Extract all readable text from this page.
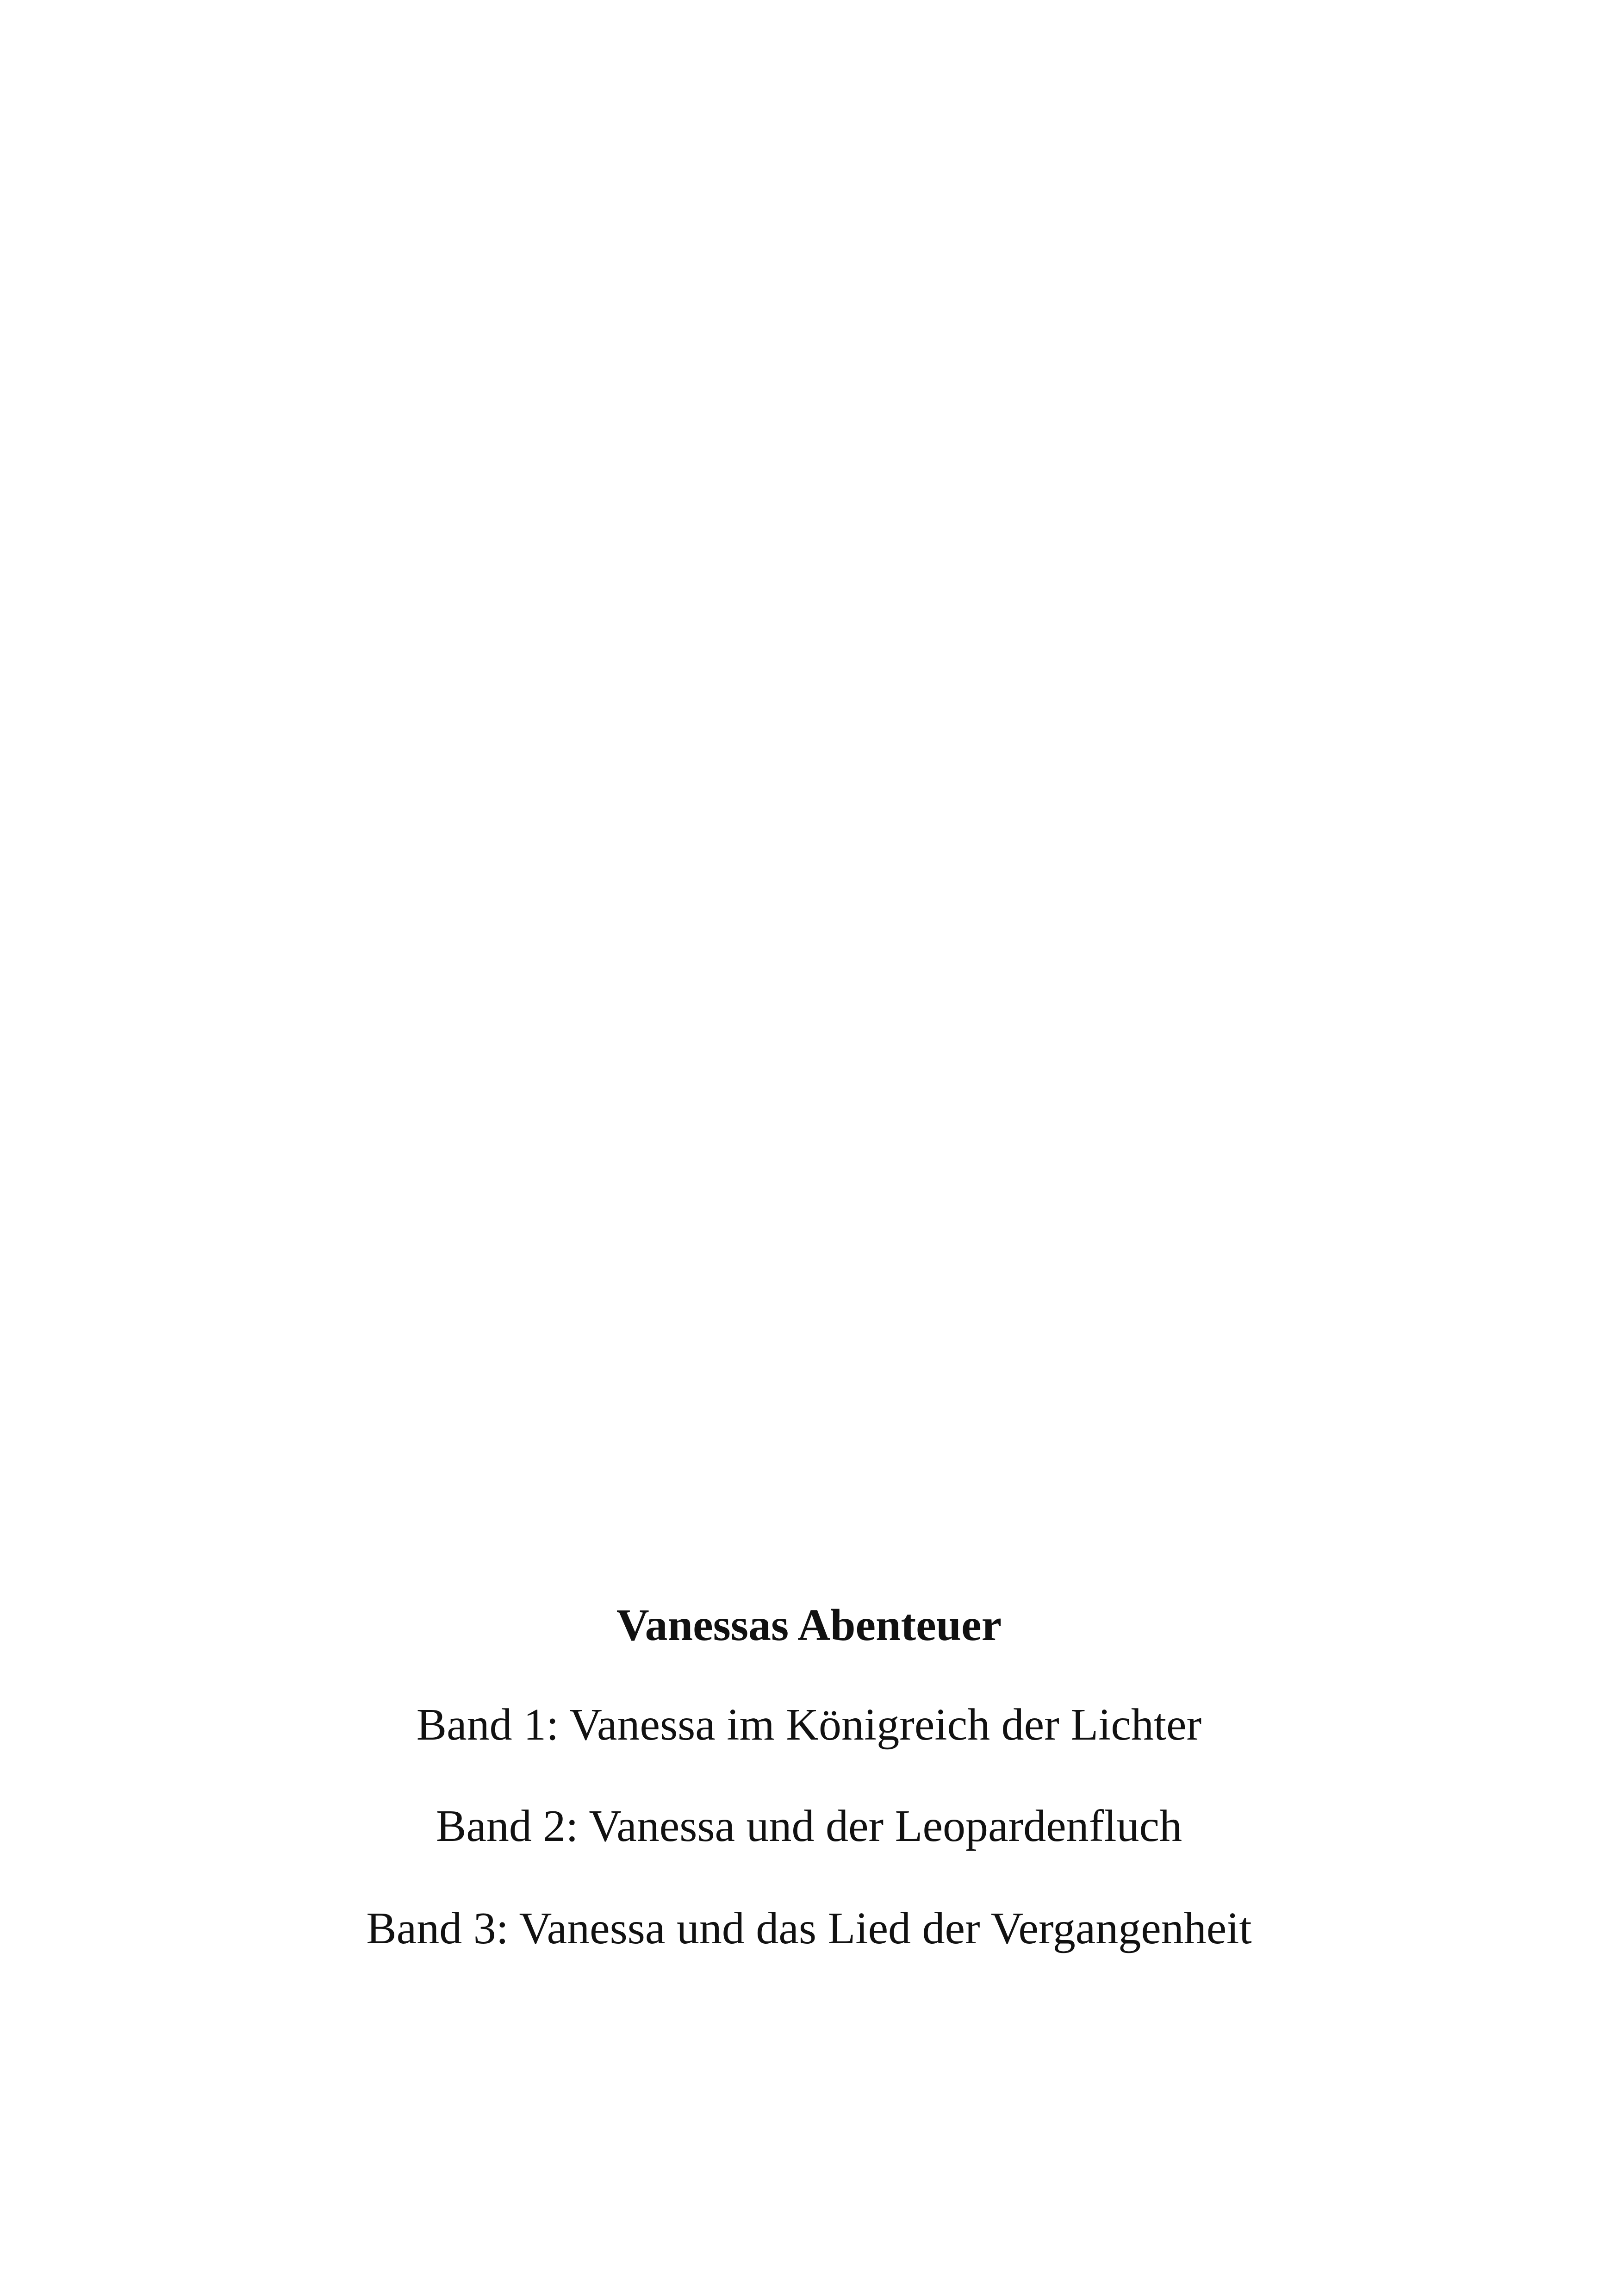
Vanessas Abenteuer
Band 1: Vanessa im Königreich der Lichter
Band 2: Vanessa und der Leopardenfluch
Band 3: Vanessa und das Lied der Vergangenheit
